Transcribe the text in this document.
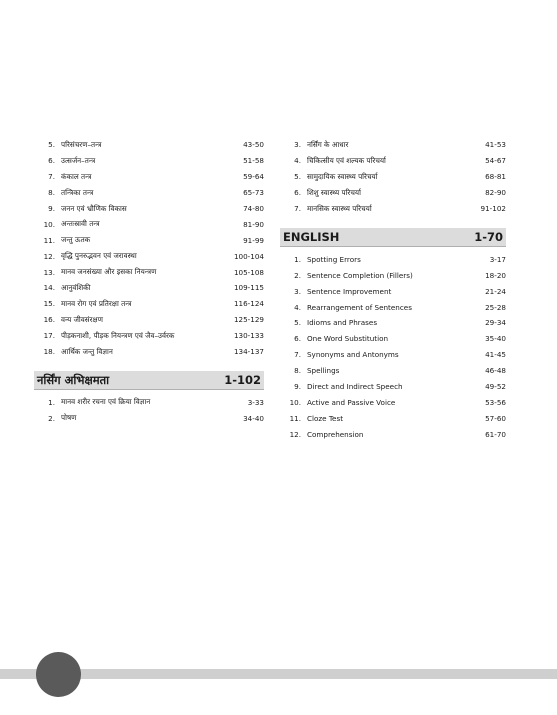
5. परिसंचरण–तन्त्र	43-50
6. उत्सर्जन–तन्त्र	51-58
7. कंकाल तन्त्र	59-64
8. तन्त्रिका तन्त्र	65-73
9. जनन एवं भ्रौणिक विकास	74-80
10. अन्तःस्रावी तन्त्र	81-90
11. जन्तु ऊतक	91-99
12. वृद्धि पुनरुद्भवन एवं जरावस्था	100-104
13. मानव जनसंख्या और इसका नियन्त्रण	105-108
14. आनुवंशिकी	109-115
15. मानव रोग एवं प्रतिरक्षा तन्त्र	116-124
16. वन्य जीवसंरक्षण	125-129
17. पीड़कनाशी, पीड़क नियन्त्रण एवं जैव–उर्वरक	130-133
18. आर्थिक जन्तु विज्ञान	134-137
नर्सिंग अभिक्षमता	1-102
1. मानव शरीर रचना एवं क्रिया विज्ञान	3-33
2. पोषण	34-40
3. नर्सिंग के आधार	41-53
4. चिकित्सीय एवं शल्यक परिचर्या	54-67
5. सामुदायिक स्वास्थ्य परिचर्या	68-81
6. शिशु स्वास्थ्य परिचर्या	82-90
7. मानसिक स्वास्थ्य परिचर्या	91-102
ENGLISH	1-70
1. Spotting Errors	3-17
2. Sentence Completion (Fillers)	18-20
3. Sentence Improvement	21-24
4. Rearrangement of Sentences	25-28
5. Idioms and Phrases	29-34
6. One Word Substitution	35-40
7. Synonyms and Antonyms	41-45
8. Spellings	46-48
9. Direct and Indirect Speech	49-52
10. Active and Passive Voice	53-56
11. Cloze Test	57-60
12. Comprehension	61-70
